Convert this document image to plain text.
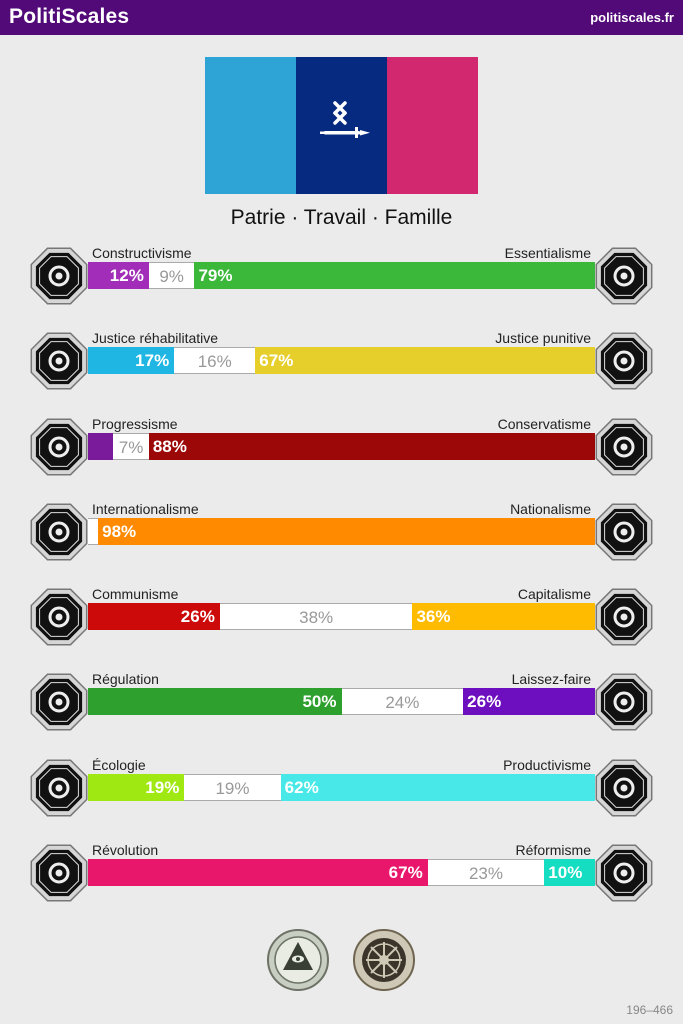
PolitiScales	politiscales.fr
Patrie · Travail · Famille
12% 9% 79%
Constructivisme	Essentialisme
17%	16%	67%
Justice réhabilitative	Justice punitive
7% 88%
Progressisme	Conservatisme
98%
Internationalisme	Nationalisme
26%	38%	36%
Communisme	Capitalisme
50%	24%	26%
Régulation	Laissez-faire
19%	19%	62%
Écologie	Productivisme
67%	23%	10%
Révolution	Réformisme
196–466
